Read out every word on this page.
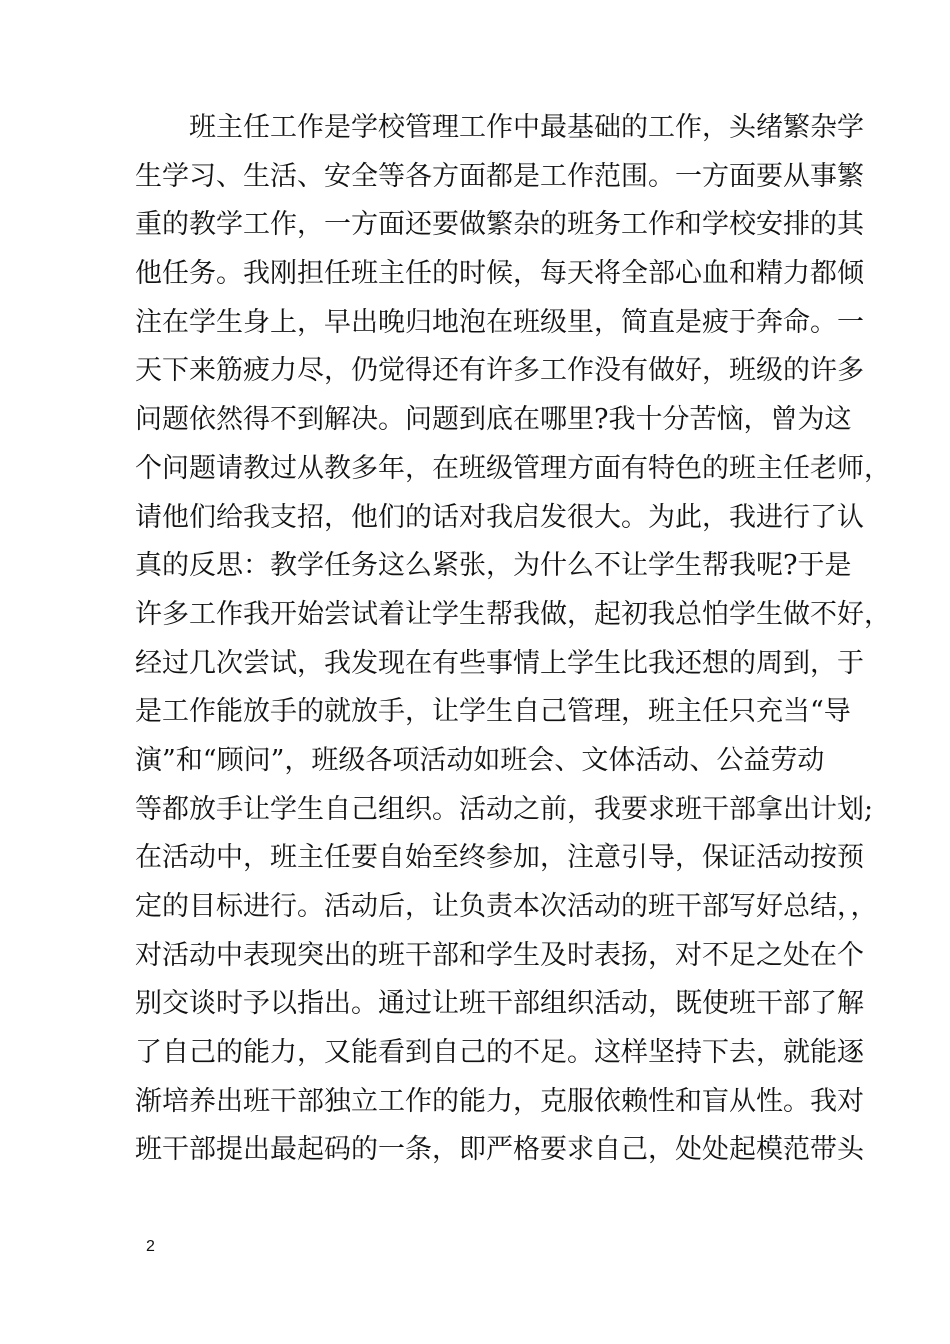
　　班主任工作是学校管理工作中最基础的工作，头绪繁杂学
生学习、生活、安全等各方面都是工作范围。一方面要从事繁
重的教学工作，一方面还要做繁杂的班务工作和学校安排的其
他任务。我刚担任班主任的时候，每天将全部心血和精力都倾
注在学生身上，早出晚归地泡在班级里，简直是疲于奔命。一
天下来筋疲力尽，仍觉得还有许多工作没有做好，班级的许多
问题依然得不到解决。问题到底在哪里?我十分苦恼，曾为这
个问题请教过从教多年，在班级管理方面有特色的班主任老师，
请他们给我支招，他们的话对我启发很大。为此，我进行了认
真的反思：教学任务这么紧张，为什么不让学生帮我呢?于是
许多工作我开始尝试着让学生帮我做，起初我总怕学生做不好，
经过几次尝试，我发现在有些事情上学生比我还想的周到，于
是工作能放手的就放手，让学生自己管理，班主任只充当“导
演”和“顾问”，班级各项活动如班会、文体活动、公益劳动
等都放手让学生自己组织。活动之前，我要求班干部拿出计划;
在活动中，班主任要自始至终参加，注意引导，保证活动按预
定的目标进行。活动后，让负责本次活动的班干部写好总结，，
对活动中表现突出的班干部和学生及时表扬，对不足之处在个
别交谈时予以指出。通过让班干部组织活动，既使班干部了解
了自己的能力，又能看到自己的不足。这样坚持下去，就能逐
渐培养出班干部独立工作的能力，克服依赖性和盲从性。我对
班干部提出最起码的一条，即严格要求自己，处处起模范带头
2
